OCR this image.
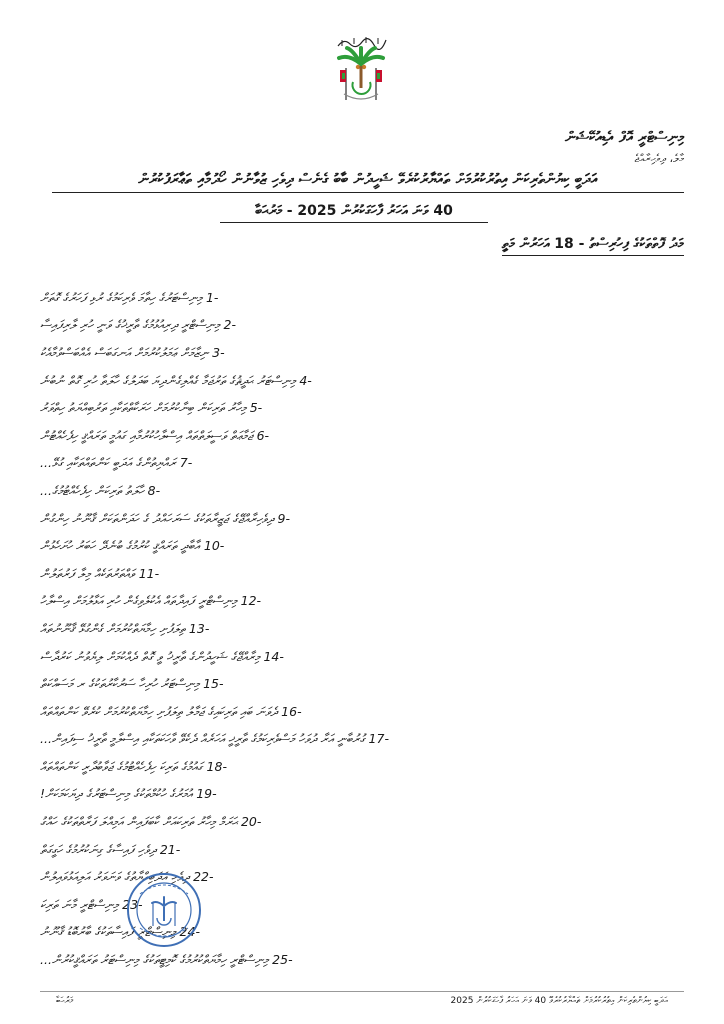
މިނިސްޓްރީ އޮފް އެޑިއުކޭޝަން
މާލެ، ދިވެހިރާއްޖެ
އަދަބީ ކިޔުންތެރިކަން އިތުރުކުރުމަށް ތައްޔާރުކުރެވޭ ޝަހީދުން ބާބު ގެނެސް ދިވެހި ޒުވާނުން ހޯދުމާއި ތަޢާރަފުކުރުން
40 ވަނަ އަހަރު ފާހަގަކުރުން 2025 - މަރުޙަބާ
މަދު ފޮތްތަކުގެ ފިހުރިސްތު - 18 އަހަރުން މަތީ
-1 މިނިސްޓަރުގެ ހިތާމަ ވެރިކަމުގެ ރުޅި ފަހަރުގެ ގޮތަށް
-2 މިނިސްޓްރީ ދިރިއުޅުމުގެ ތާރީޚުގެ ވަނީ ހުރި ލާރިފައިސާ
-3 ނިޒާމަށް ޢަމަލުކުރުމަށް އަނގަބަސް އެއްބަސްވުމާއެކު
-4 މިނިސްޓަރު ޙަދީޘުގެ ތަރުޖަމާ ގެއްލިގެންދިޔަ ބަދަލުގެ ހާލަތާ ހުރި ގޮތް ނުބުނެ
-5 މިހާރު ތަރިކަން ބިނާކުރުމަށް ހަރަކާތްތަކާއި ތަރުބިއްޔަތު ހިތްވަރު
-6 ޖަމާޢަތް ވަސީލަތްތައް އިސްލާހުކުރުމާއި ގައުމީ ތަރައްޤީ ހިފެހެއްޓުން
-7 ރައްޔިތުންގެ އަދަބީ ކަންތައްތަކާއި ގުޅޭ...
-8 ހާލަތު ތަރިކަން ހިފެހެއްޓުމުގެ...
-9 ދިވެހިރާއްޖޭގެ ޖަޒީރާތަކުގެ ސަރަހައްދު ގެ ހަދަންތަކަށް ޤާނޫނު ހިންގުން
-10 އާބާދީ ތަރައްޤީ ކުރުމުގެ ބުނެދޭ ހަބަރު ހުށަހެޅުން
-11 ވައްތަރުތަކެއް މިލާ ފަރުތަލުން
-12 މިނިސްޓްރީ ފައިދާތައް އެކުލެވިގެން ހުރި އަޅާލުމަށް އިސްލާހު
-13 ތިލަފުށި ހިމާޔަތްކުރުމަށް ގެންގުޅޭ ޤާނޫނުތައް
-14 މިރާއްޖޭގެ ޝަހީދުންގެ ތާރީޚު ވީ ގޮތް ދެއްކުމަށް ލިޔެވުނު ކަރުދާސް
-15 މިނިސްޓަރު ހުރިހާ ސަރުކާރުތަކުގެ ރ މަސައްކަތް
-16 ދެވަނަ ބައި ތަރިކައިގެ ޖަމާލު ތިލަފުށި ހިމާޔަތްކުރުމަށް ކުރެވޭ ކަންތައްތައް
-17 ގުރުބާނީ އަރާ ދުވަހު މަސްވެރިކަމުގެ ތާރީޚީ އަހަރެއް ދެކެވޭ ވާހަކަތަކާއި އިސްލާމީ ތާރީޚު ސިފައިން...
-18 ގައުމުގެ ތަރިކަ ހިފެހެއްޓުމުގެ ޖަވާބުދާރީ ކަންތައްތައް
-19 އުމަރުގެ ހުކުމްތަކުގެ މިނިސްޓަރުގެ ދިޔަކަމަކަށް!
-20 ޙަރަމް މިހާރު ތަރިކައަށް ކާބަފައިން އަމިއްލަ ފަރާތްތަކުގެ ހައްގު
-21 ދިވެހި ފައިސާގެ ގިނަކުރުމުގެ ހަގީގަތް
-22 ދިވެހި އަދަބިއްޔާތުގެ ވަނަވަރު އަލިއަޅުވައިލުން
-23 މިނިސްޓްރީ މާނަ ތަރިކަ
-24 މިނިސްޓްރީ ފައިސާތަކުގެ ބާރުބޮޑު ޤާނޫނު
-25 މިނިސްޓްރީ ހިމާޔަތްކުރުމުގެ ކޮމިޓީތަކުގެ މިނިސްޓަރު ތަރައްޤީކުރުން...
މަރުޙަބާ	އަދަބީ ކިޔުންތެރިކަން އިތުރުކުރުމަށް ތައްޔާރުކުރެވޭ 40 ވަނަ އަހަރު ފާހަގަކުރުން 2025
